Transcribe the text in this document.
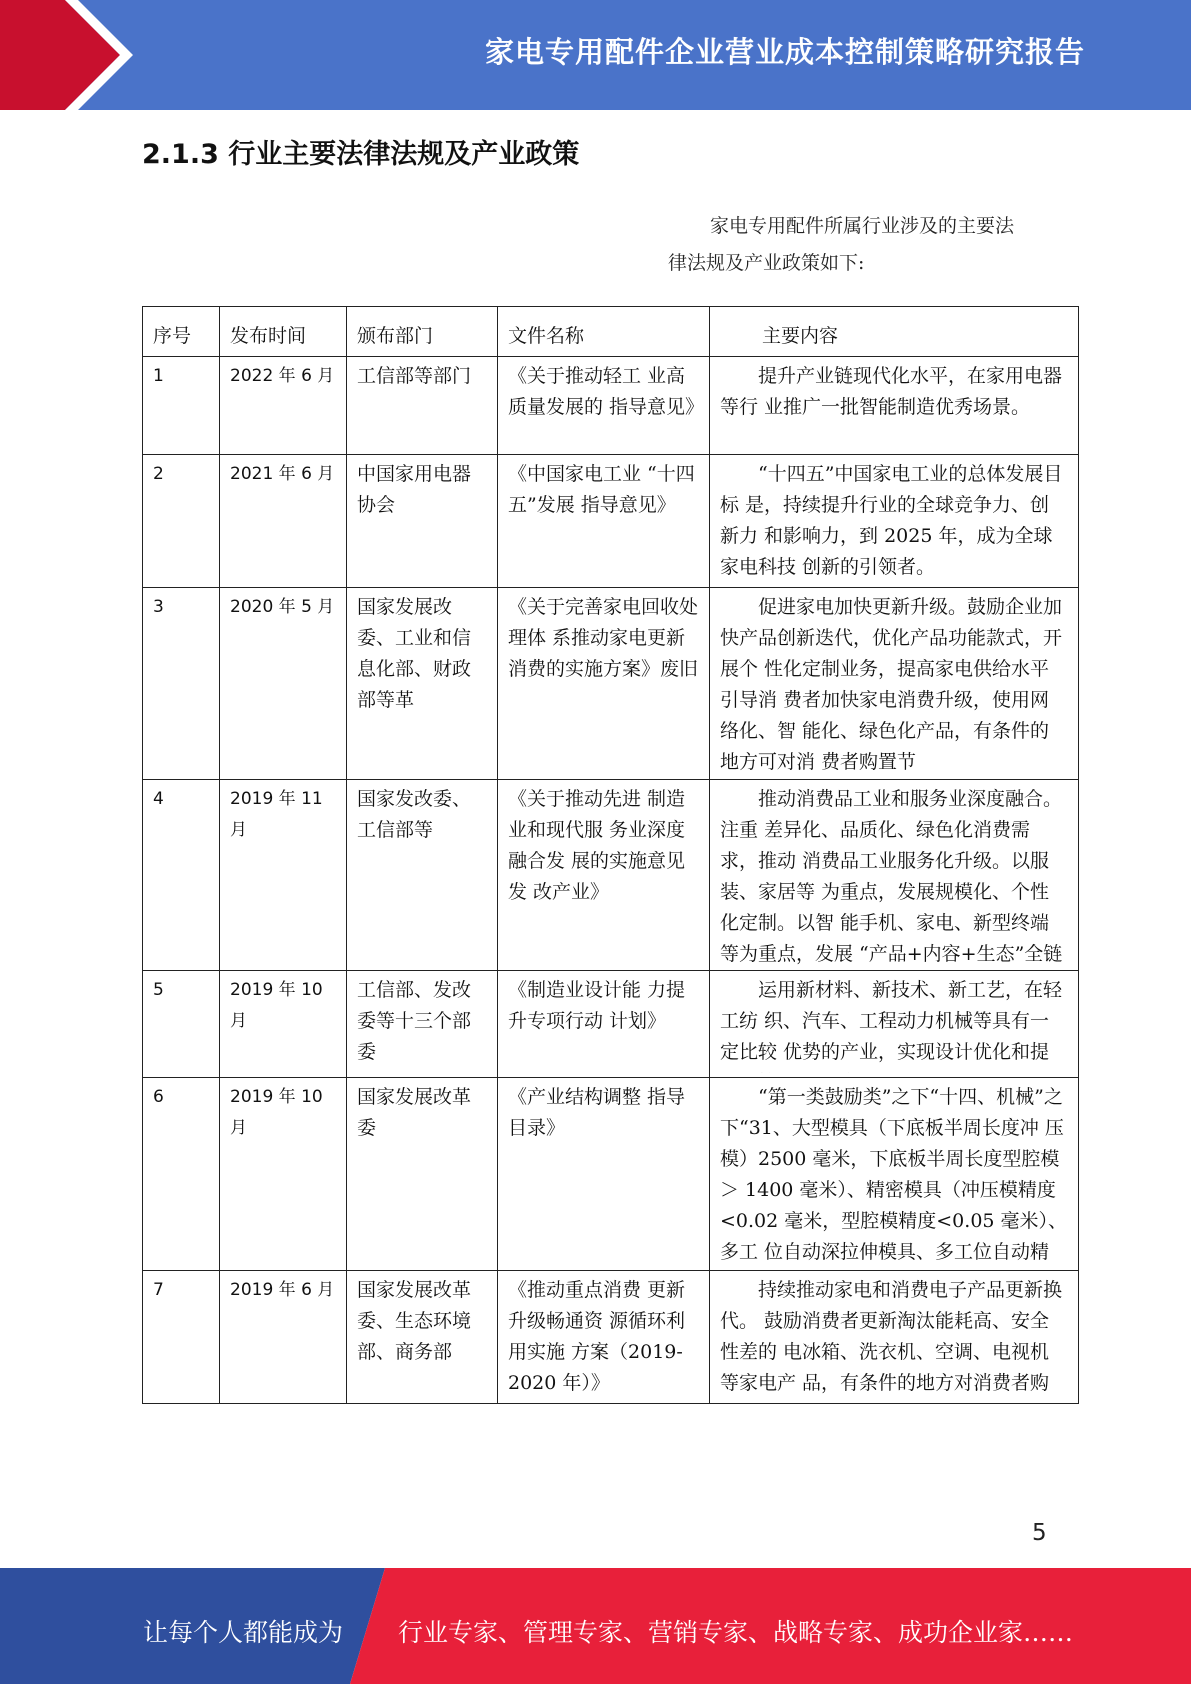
家电专用配件企业营业成本控制策略研究报告
2.1.3 行业主要法律法规及产业政策
家电专用配件所属行业涉及的主要法
律法规及产业政策如下:
序号	发布时间	颁布部门	文件名称	主要内容
1	2022 年 6 月	工信部等部门	《关于推动轻工 业高质量发展的 指导意见》	提升产业链现代化水平，在家用电器等行 业推广一批智能制造优秀场景。
2	2021 年 6 月	中国家用电器协会	《中国家电工业 “十四五”发展 指导意见》	“十四五”中国家电工业的总体发展目标 是，持续提升行业的全球竞争力、创新力 和影响力，到 2025 年，成为全球家电科技 创新的引领者。
3	2020 年 5 月	国家发展改委、工业和信息化部、财政部等革	《关于完善家电回收处理体 系推动家电更新 消费的实施方案》废旧	促进家电加快更新升级。鼓励企业加快产品创新迭代，优化产品功能款式，开展个 性化定制业务，提高家电供给水平引导消 费者加快家电消费升级，使用网络化、智 能化、绿色化产品，有条件的地方可对消 费者购置节

4	2019 年 11 月	国家发改委、工信部等	《关于推动先进 制造业和现代服 务业深度融合发 展的实施意见发 改产业》	推动消费品工业和服务业深度融合。注重 差异化、品质化、绿色化消费需求，推动 消费品工业服务化升级。以服装、家居等 为重点，发展规模化、个性化定制。以智 能手机、家电、新型终端等为重点，发展 “产品+内容+生态”全链

5	2019 年 10 月	工信部、发改委等十三个部委	《制造业设计能 力提升专项行动 计划》	运用新材料、新技术、新工艺，在轻工纺 织、汽车、工程动力机械等具有一定比较 优势的产业，实现设计优化和提

6	2019 年 10 月	国家发展改革委	《产业结构调整 指导目录》	“第一类鼓励类”之下“十四、机械”之下“31、大型模具（下底板半周长度冲 压模）2500 毫米，下底板半周长度型腔模 ＞ 1400 毫米）、精密模具（冲压模精度 <0.02 毫米，型腔模精度<0.05 毫米）、多工 位自动深拉伸模具、多工位自动精

7	2019 年 6 月	国家发展改革委、生态环境部、商务部	《推动重点消费 更新升级畅通资 源循环利用实施 方案（2019- 2020 年）》	持续推动家电和消费电子产品更新换代。 鼓励消费者更新淘汰能耗高、安全性差的 电冰箱、洗衣机、空调、电视机等家电产 品，有条件的地方对消费者购
5
让每个人都能成为 行业专家、管理专家、营销专家、战略专家、成功企业家……
